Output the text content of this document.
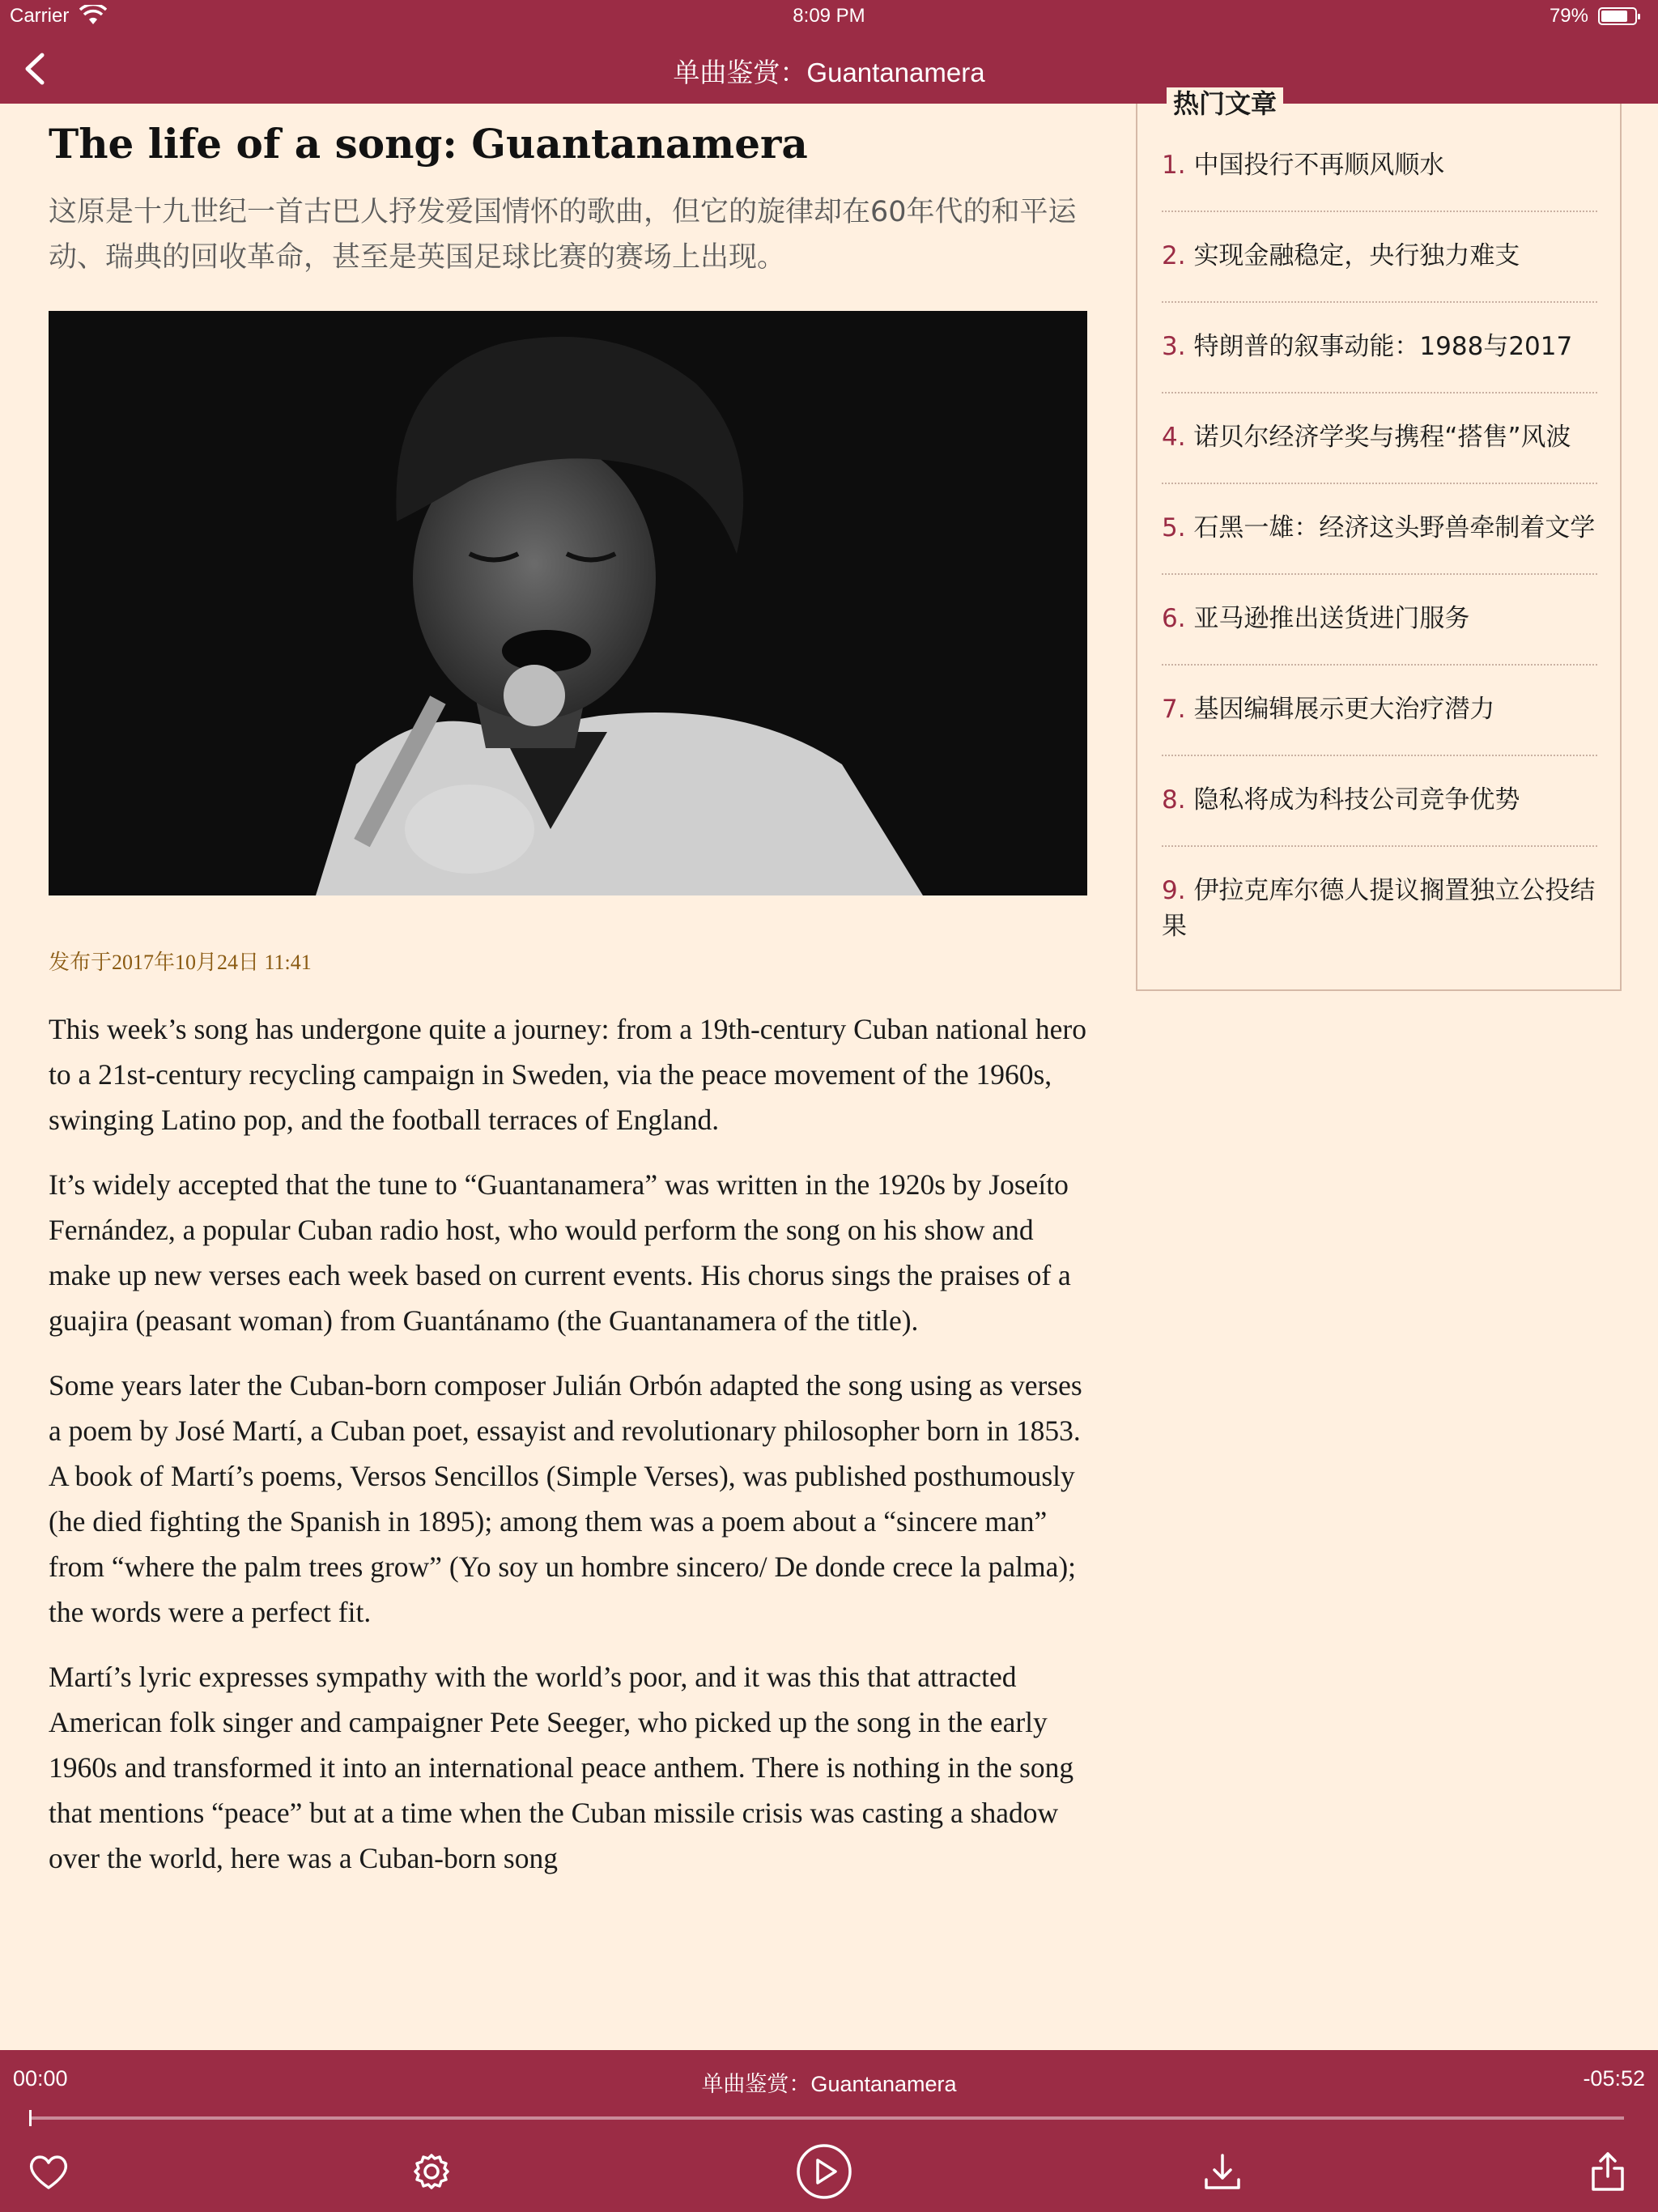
Carrier	8:09 PM	79%
单曲鉴赏：Guantanamera
The life of a song: Guantanamera

这原是十九世纪一首古巴人抒发爱国情怀的歌曲，但它的旋律却在60年代的和平运动、瑞典的回收革命，甚至是英国足球比赛的赛场上出现。

发布于2017年10月24日 11:41

This week’s song has undergone quite a journey: from a 19th-century Cuban national hero to a 21st-century recycling campaign in Sweden, via the peace movement of the 1960s, swinging Latino pop, and the football terraces of England.

It’s widely accepted that the tune to “Guantanamera” was written in the 1920s by Joseíto Fernández, a popular Cuban radio host, who would perform the song on his show and make up new verses each week based on current events. His chorus sings the praises of a guajira (peasant woman) from Guantánamo (the Guantanamera of the title).

Some years later the Cuban-born composer Julián Orbón adapted the song using as verses a poem by José Martí, a Cuban poet, essayist and revolutionary philosopher born in 1853. A book of Martí’s poems, Versos Sencillos (Simple Verses), was published posthumously (he died fighting the Spanish in 1895); among them was a poem about a “sincere man” from “where the palm trees grow” (Yo soy un hombre sincero/ De donde crece la palma); the words were a perfect fit.

Martí’s lyric expresses sympathy with the world’s poor, and it was this that attracted American folk singer and campaigner Pete Seeger, who picked up the song in the early 1960s and transformed it into an international peace anthem. There is nothing in the song that mentions “peace” but at a time when the Cuban missile crisis was casting a shadow over the world, here was a Cuban-born song

热门文章
1. 中国投行不再顺风顺水
2. 实现金融稳定，央行独力难支
3. 特朗普的叙事动能：1988与2017
4. 诺贝尔经济学奖与携程“搭售”风波
5. 石黑一雄：经济这头野兽牵制着文学
6. 亚马逊推出送货进门服务
7. 基因编辑展示更大治疗潜力
8. 隐私将成为科技公司竞争优势
9. 伊拉克库尔德人提议搁置独立公投结果
00:00	单曲鉴赏：Guantanamera	-05:52
